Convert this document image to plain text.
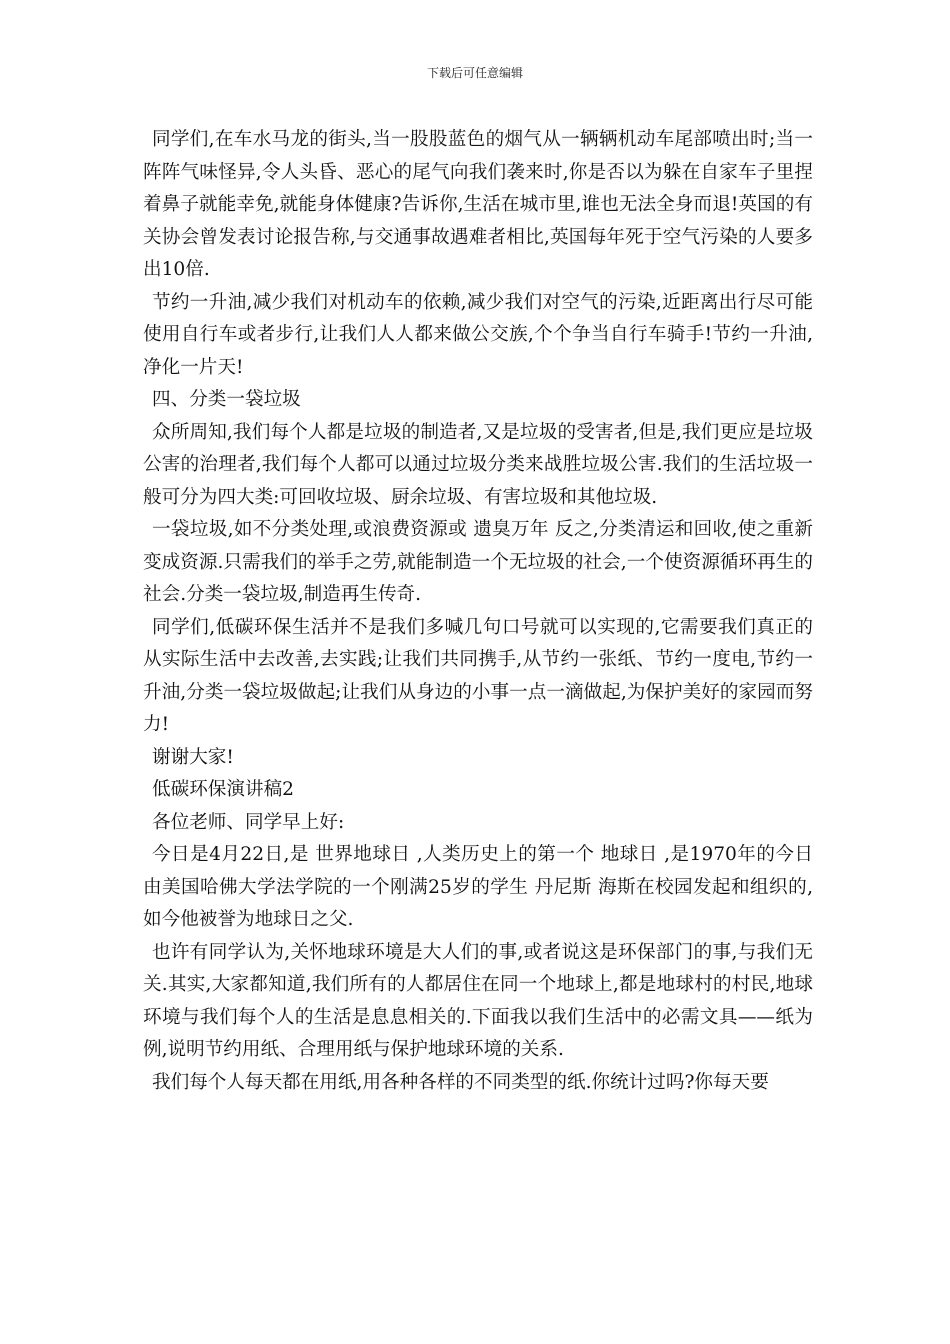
下载后可任意编辑

同学们,在车水马龙的街头,当一股股蓝色的烟气从一辆辆机动车尾部喷出时;当一阵阵气味怪异,令人头昏、恶心的尾气向我们袭来时,你是否以为躲在自家车子里捏着鼻子就能幸免,就能身体健康?告诉你,生活在城市里,谁也无法全身而退!英国的有关协会曾发表讨论报告称,与交通事故遇难者相比,英国每年死于空气污染的人要多出10倍.

节约一升油,减少我们对机动车的依赖,减少我们对空气的污染,近距离出行尽可能使用自行车或者步行,让我们人人都来做公交族,个个争当自行车骑手!节约一升油,净化一片天!

四、分类一袋垃圾

众所周知,我们每个人都是垃圾的制造者,又是垃圾的受害者,但是,我们更应是垃圾公害的治理者,我们每个人都可以通过垃圾分类来战胜垃圾公害.我们的生活垃圾一般可分为四大类:可回收垃圾、厨余垃圾、有害垃圾和其他垃圾.

一袋垃圾,如不分类处理,或浪费资源或 遗臭万年 反之,分类清运和回收,使之重新变成资源.只需我们的举手之劳,就能制造一个无垃圾的社会,一个使资源循环再生的社会.分类一袋垃圾,制造再生传奇.

同学们,低碳环保生活并不是我们多喊几句口号就可以实现的,它需要我们真正的从实际生活中去改善,去实践;让我们共同携手,从节约一张纸、节约一度电,节约一升油,分类一袋垃圾做起;让我们从身边的小事一点一滴做起,为保护美好的家园而努力!

谢谢大家!

低碳环保演讲稿2

各位老师、同学早上好:

今日是4月22日,是 世界地球日 ,人类历史上的第一个 地球日 ,是1970年的今日由美国哈佛大学法学院的一个刚满25岁的学生 丹尼斯 海斯在校园发起和组织的,如今他被誉为地球日之父.

也许有同学认为,关怀地球环境是大人们的事,或者说这是环保部门的事,与我们无关.其实,大家都知道,我们所有的人都居住在同一个地球上,都是地球村的村民,地球环境与我们每个人的生活是息息相关的.下面我以我们生活中的必需文具——纸为例,说明节约用纸、合理用纸与保护地球环境的关系.

我们每个人每天都在用纸,用各种各样的不同类型的纸.你统计过吗?你每天要
